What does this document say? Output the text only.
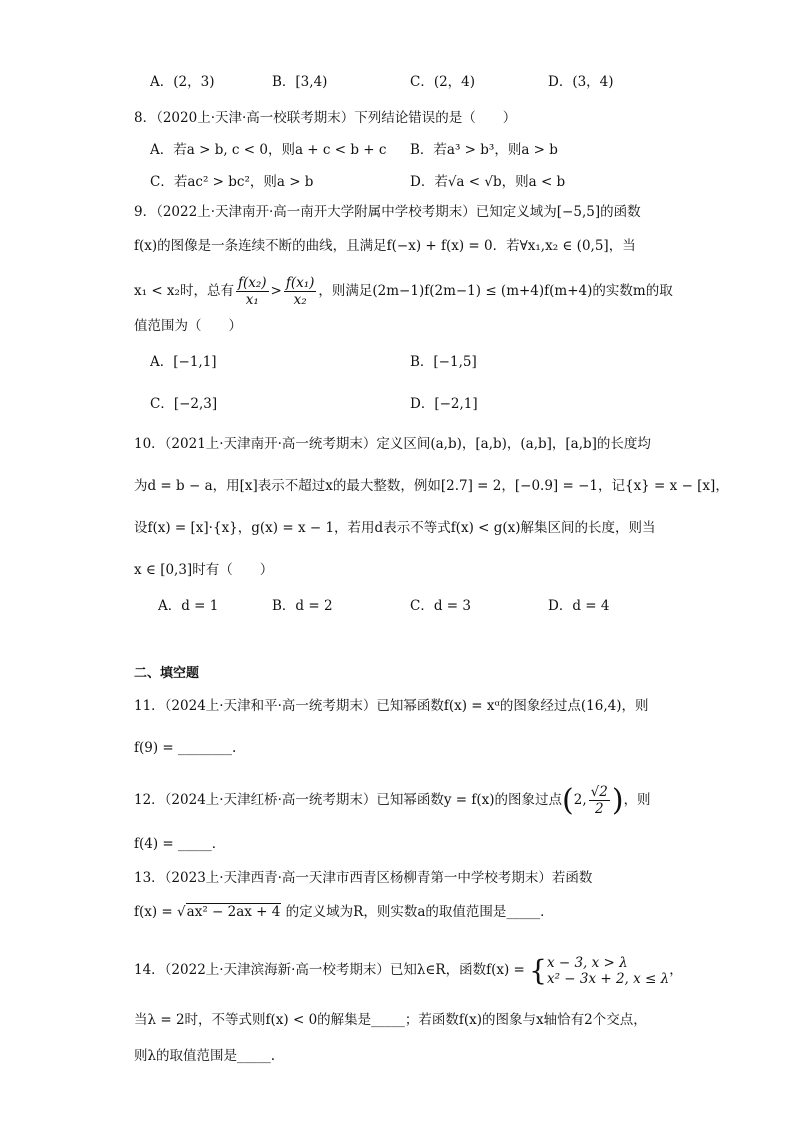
A．(2，3)	B．[3,4)	C．(2，4)	D．(3，4)
8．（2020上·天津·高一校联考期末）下列结论错误的是（　　）
A．若a > b, c < 0，则a + c < b + c B．若a³ > b³，则a > b
C．若ac² > bc²，则a > b	D．若√a < √b，则a < b
9．（2022上·天津南开·高一南开大学附属中学校考期末）已知定义域为[−5,5]的函数
f(x)的图像是一条连续不断的曲线，且满足f(−x) + f(x) = 0．若∀x₁,x₂ ∈ (0,5]，当
x₁ < x₂时，总有 $\frac{\text{f(x₂)}}{\text{x₁}} > \frac{\text{f(x₁)}}{\text{x₂}}$ ，则满足(2m−1)f(2m−1) ≤ (m+4)f(m+4)的实数m的取
值范围为（　　）
A．[−1,1]	B．[−1,5]
C．[−2,3]	D．[−2,1]
10．（2021上·天津南开·高一统考期末）定义区间(a,b)，[a,b)，(a,b]，[a,b]的长度均
为d = b − a，用[x]表示不超过x的最大整数，例如[2.7] = 2，[−0.9] = −1，记{x} = x − [x]，
设f(x) = [x]·{x}，g(x) = x − 1，若用d表示不等式f(x) < g(x)解集区间的长度，则当
x ∈ [0,3]时有（　　）
A．d = 1	B．d = 2	C．d = 3	D．d = 4
二、填空题
11．（2024上·天津和平·高一统考期末）已知幂函数f(x) = xᵅ的图象经过点(16,4)，则
f(9) = ________.
12．（2024上·天津红桥·高一统考期末）已知幂函数y = f(x)的图象过点(2, $\frac{√2}{2}$ )，则
f(4) = _____．
13．（2023上·天津西青·高一天津市西青区杨柳青第一中学校考期末）若函数
f(x) = √ax² − 2ax + 4 的定义域为R，则实数a的取值范围是_____．
14．（2022上·天津滨海新·高一校考期末）已知λ∈R，函数f(x) = { x − 3, x > λ
x² − 3x + 2, x ≤ λ
，
当λ = 2时，不等式则f(x) < 0的解集是_____；若函数f(x)的图象与x轴恰有2个交点，
则λ的取值范围是_____.
